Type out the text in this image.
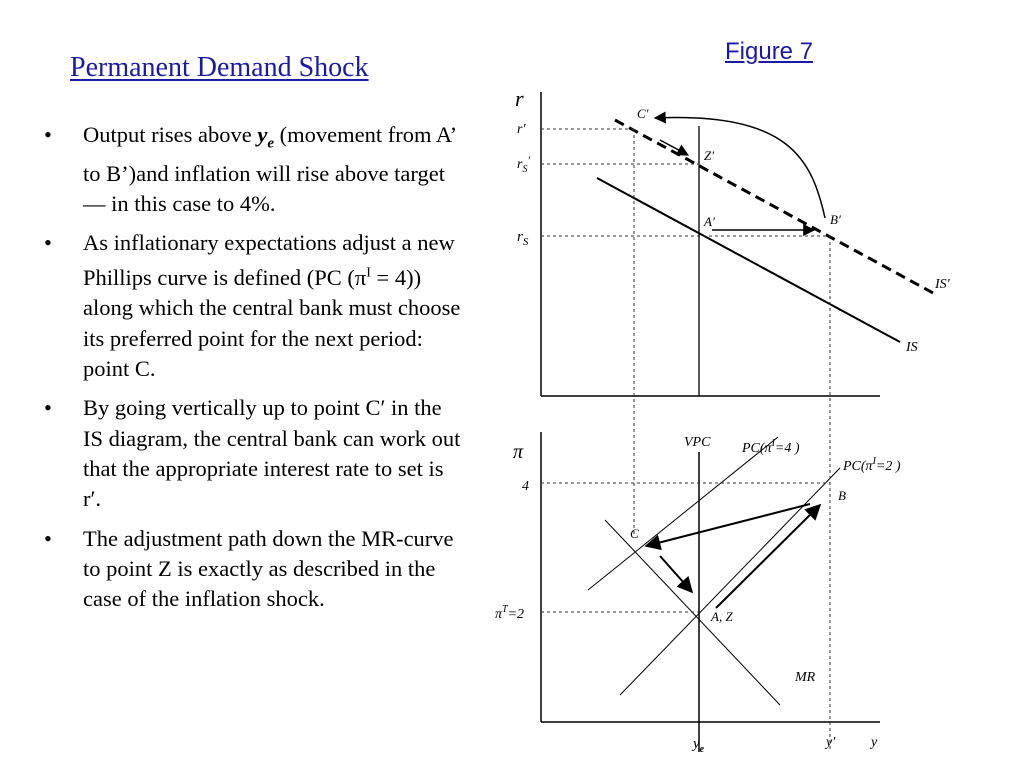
Permanent Demand Shock
Figure 7
• Output rises above $y_e$ (movement from A’ to B’)and inflation will rise above target — in this case to 4%.
• As inflationary expectations adjust a new Phillips curve is defined (PC $(\pi^I = 4)$) along which the central bank must choose its preferred point for the next period: point C.
• By going vertically up to point C′ in the IS diagram, the central bank can work out that the appropriate interest rate to set is r′.
• The adjustment path down the MR-curve to point Z is exactly as described in the case of the inflation shock.
r
r′
$r_S'$
$r_S$
C′
Z′
A′	B′
IS′
IS
π
4
$\pi^T=2$
VPC $PC(\pi^I=4$ )
$PC(\pi^I=2$ )
B
C
A, Z
MR
$y_e$	y′	y
